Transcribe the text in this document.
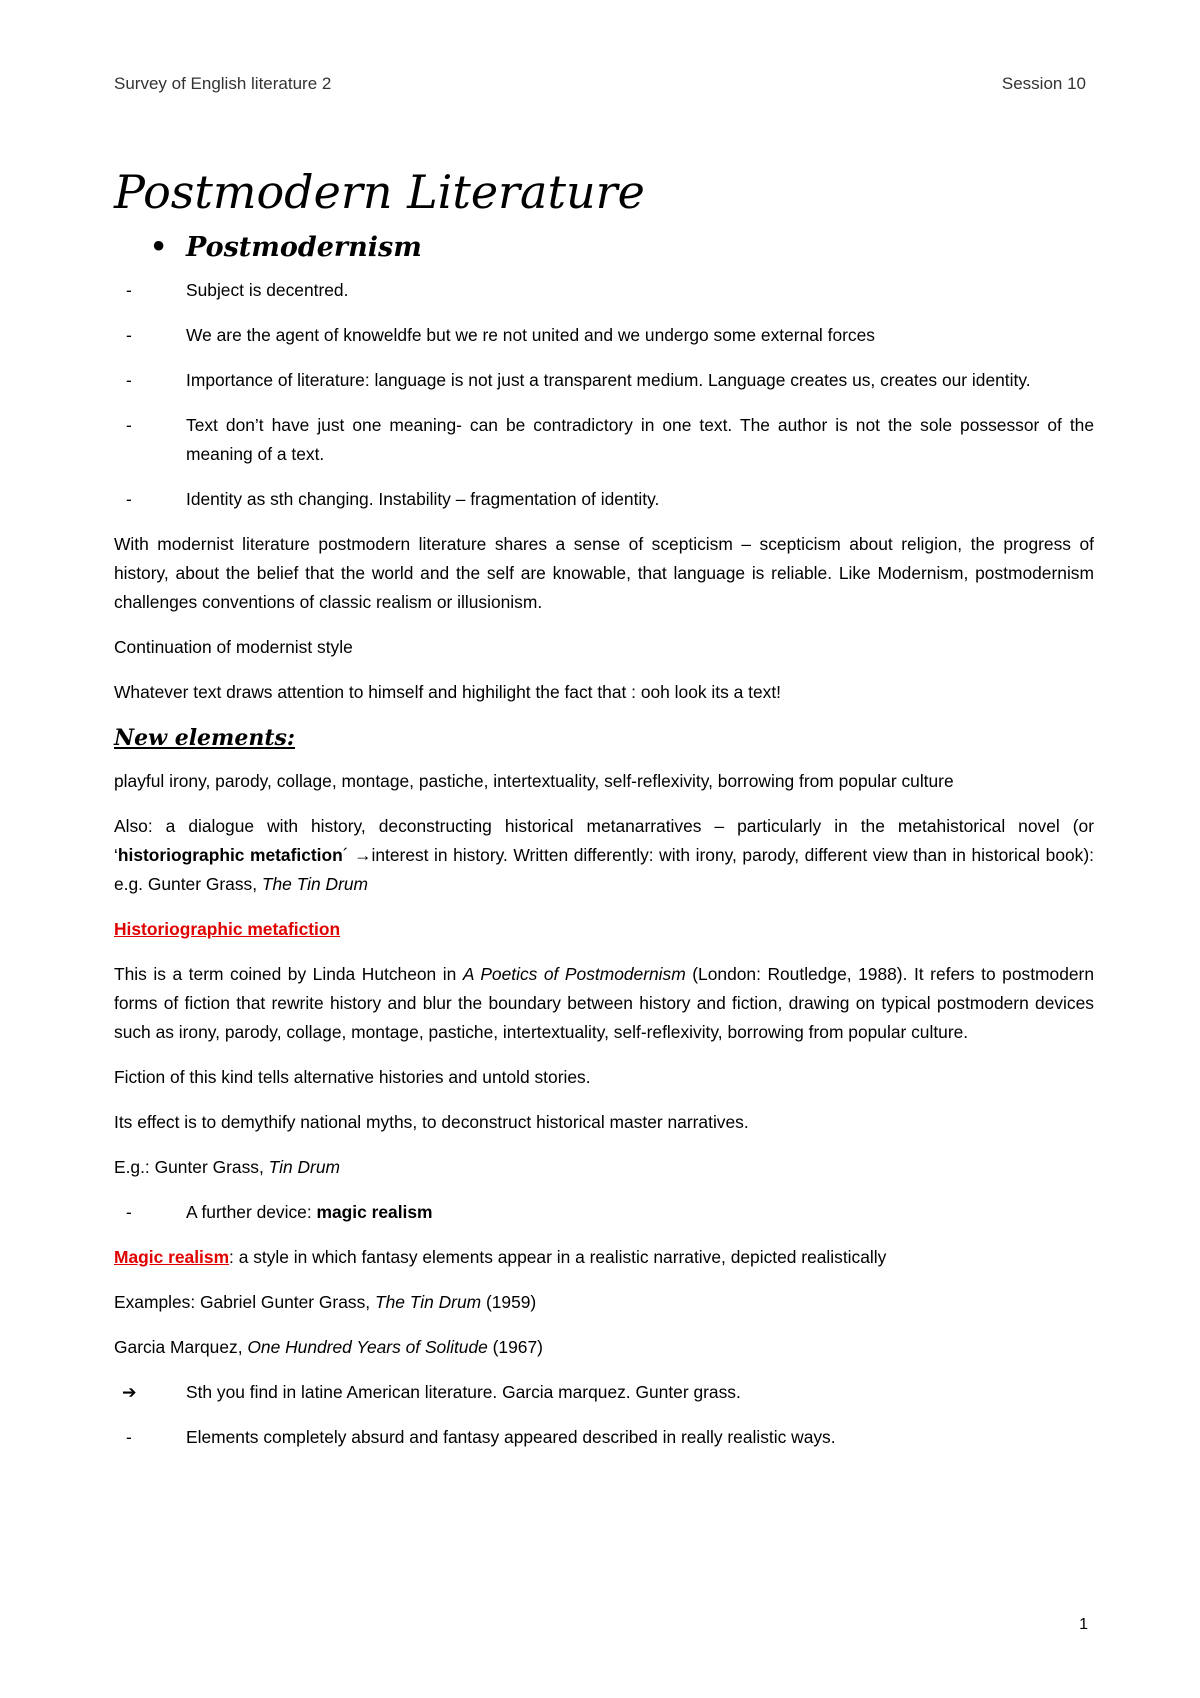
Survey of English literature 2	Session 10
Postmodern Literature
• Postmodernism
-	Subject is decentred.
-	We are the agent of knoweldfe but we re not united and we undergo some external forces
-	Importance of literature: language is not just a transparent medium. Language creates us, creates our identity.
-	Text don’t have just one meaning- can be contradictory in one text. The author is not the sole possessor of the meaning of a text.
-	Identity as sth changing. Instability – fragmentation of identity.

With modernist literature postmodern literature shares a sense of scepticism – scepticism about religion, the progress of history, about the belief that the world and the self are knowable, that language is reliable. Like Modernism, postmodernism challenges conventions of classic realism or illusionism.

Continuation of modernist style

Whatever text draws attention to himself and highilight the fact that : ooh look its a text!

New elements:

playful irony, parody, collage, montage, pastiche, intertextuality, self-reflexivity, borrowing from popular culture

Also: a dialogue with history, deconstructing historical metanarratives – particularly in the metahistorical novel (or ‘historiographic metafiction´ →interest in history. Written differently: with irony, parody, different view than in historical book): e.g. Gunter Grass, The Tin Drum

Historiographic metafiction

This is a term coined by Linda Hutcheon in A Poetics of Postmodernism (London: Routledge, 1988). It refers to postmodern forms of fiction that rewrite history and blur the boundary between history and fiction, drawing on typical postmodern devices such as irony, parody, collage, montage, pastiche, intertextuality, self-reflexivity, borrowing from popular culture.

Fiction of this kind tells alternative histories and untold stories.

Its effect is to demythify national myths, to deconstruct historical master narratives.

E.g.: Gunter Grass, Tin Drum

-	A further device: magic realism

Magic realism: a style in which fantasy elements appear in a realistic narrative, depicted realistically

Examples: Gabriel Gunter Grass, The Tin Drum (1959)

Garcia Marquez, One Hundred Years of Solitude (1967)

➔	Sth you find in latine American literature. Garcia marquez. Gunter grass.
-	Elements completely absurd and fantasy appeared described in really realistic ways.
1
